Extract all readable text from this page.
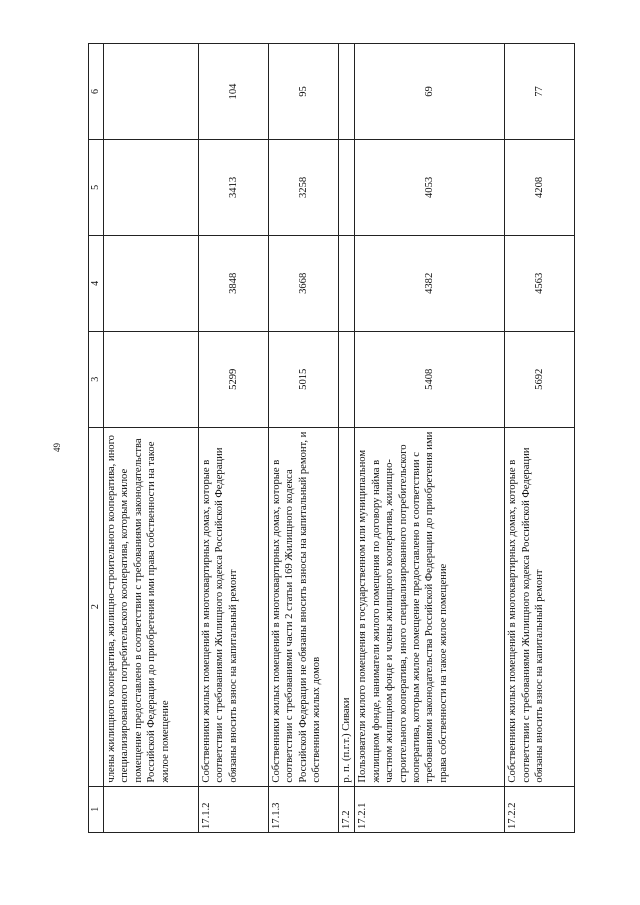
49
1	2	3	4	5	6
	члены жилищного кооператива, жилищно-строительного кооператива, иного специализированного потребительского кооператива, которым жилое помещение предоставлено в соответствии с требованиями законодательства Российской Федерации до приобретения ими права собственности на такое жилое помещение				
17.1.2	Собственники жилых помещений в многоквартирных домах, которые в соответствии с требованиями Жилищного кодекса Российской Федерации обязаны вносить взнос на капитальный ремонт	5299	3848	3413	104
17.1.3	Собственники жилых помещений в многоквартирных домах, которые в соответствии с требованиями части 2 статьи 169 Жилищного кодекса Российской Федерации не обязаны вносить взносы на капитальный ремонт, и собственники жилых домов	5015	3668	3258	95
17.2	р. п. (п.г.т.) Сиваки				
17.2.1	Пользователи жилого помещения в государственном или муниципальном жилищном фонде, наниматели жилого помещения по договору найма в частном жилищном фонде и члены жилищного кооператива, жилищно-строительного кооператива, иного специализированного потребительского кооператива, которым жилое помещение предоставлено в соответствии с требованиями законодательства Российской Федерации до приобретения ими права собственности на такое жилое помещение	5408	4382	4053	69
17.2.2	Собственники жилых помещений в многоквартирных домах, которые в соответствии с требованиями Жилищного кодекса Российской Федерации обязаны вносить взнос на капитальный ремонт	5692	4563	4208	77
